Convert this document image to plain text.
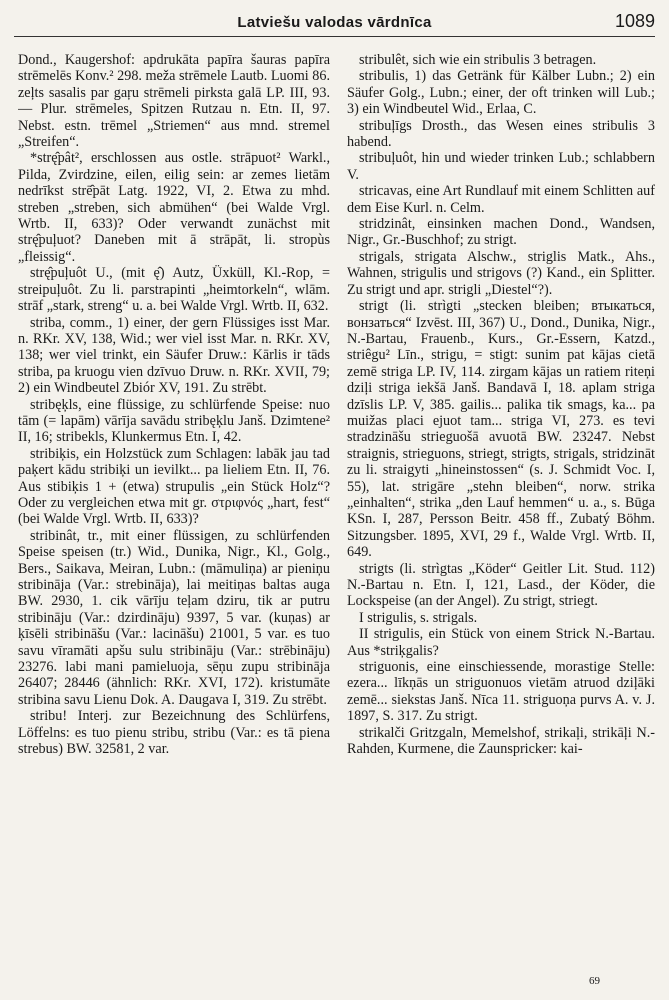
Latviešu valodas vārdnīca	1089

Dond., Kaugershof: apdrukāta papīra šauras papīra strēmelēs Konv.² 298. meža strēmele Lautb. Luomi 86. zeļts sasalis par gaŗu strēmeli pirksta galā LP. III, 93. — Plur. strēmeles, Spitzen Rutzau n. Etn. II, 97. Nebst. estn. trēmel „Striemen“ aus mnd. stremel „Streifen“.

*strę̂pât², erschlossen aus ostle. strāpuot² Warkl., Pilda, Zvirdzine, eilen, eilig sein: ar zemes lietām nedrīkst strē̂pāt Latg. 1922, VI, 2. Etwa zu mhd. streben „streben, sich abmühen“ (bei Walde Vrgl. Wrtb. II, 633)? Oder verwandt zunächst mit strę̂puļuot? Daneben mit ā strāpāt, li. stropùs „fleissig“.

strę̂puļuôt U., (mit ę̂) Autz, Üxküll, Kl.-Rop, = streipuļuôt. Zu li. parstrapinti „heimtorkeln“, wlām. strāf „stark, streng“ u. a. bei Walde Vrgl. Wrtb. II, 632.

striba, comm., 1) einer, der gern Flüssiges isst Mar. n. RKr. XV, 138, Wid.; wer viel isst Mar. n. RKr. XV, 138; wer viel trinkt, ein Säufer Druw.: Kārlis ir tāds striba, pa kruogu vien dzīvuo Druw. n. RKr. XVII, 79; 2) ein Windbeutel Zbiór XV, 191. Zu strēbt.

stribęķls, eine flüssige, zu schlürfende Speise: nuo tām (= lapām) vārīja savādu stribęķlu Janš. Dzimtene² II, 16; stribekls, Klunkermus Etn. I, 42.

stribiķis, ein Holzstück zum Schlagen: labāk jau tad paķert kādu stribiķi un ievilkt... pa lieliem Etn. II, 76. Aus stibiķis 1 + (etwa) strupulis „ein Stück Holz“? Oder zu vergleichen etwa mit gr. στριφνός „hart, fest“ (bei Walde Vrgl. Wrtb. II, 633)?

stribinât, tr., mit einer flüssigen, zu schlürfenden Speise speisen (tr.) Wid., Dunika, Nigr., Kl., Golg., Bers., Saikava, Meiran, Lubn.: (māmuliņa) ar pieniņu stribināja (Var.: strebināja), lai meitiņas baltas auga BW. 2930, 1. cik vārīju teļam dziru, tik ar putru stribināju (Var.: dzirdināju) 9397, 5 var. (kuņas) ar ķīsēli stribināšu (Var.: lacināšu) 21001, 5 var. es tuo savu vīramāti apšu sulu stribināju (Var.: strēbināju) 23276. labi mani pamieluoja, sēņu zupu stribināja 26407; 28446 (ähnlich: RKr. XVI, 172). kristumāte stribina savu Lienu Dok. A. Daugava I, 319. Zu strēbt.

stribu! Interj. zur Bezeichnung des Schlürfens, Löffelns: es tuo pienu stribu, stribu (Var.: es tā piena strebus) BW. 32581, 2 var.

stribulêt, sich wie ein stribulis 3 betragen.

stribulis, 1) das Getränk für Kälber Lubn.; 2) ein Säufer Golg., Lubn.; einer, der oft trinken will Lub.; 3) ein Windbeutel Wid., Erlaa, C.

stribuļīgs Drosth., das Wesen eines stribulis 3 habend.

stribuļuôt, hin und wieder trinken Lub.; schlabbern V.

stricavas, eine Art Rundlauf mit einem Schlitten auf dem Eise Kurl. n. Celm.

stridzinât, einsinken machen Dond., Wandsen, Nigr., Gr.-Buschhof; zu strigt.

strigals, strigata Alschw., striglis Matk., Ahs., Wahnen, strigulis und strigovs (?) Kand., ein Splitter. Zu strigt und apr. strigli „Diestel“?).

strigt (li. strìgti „stecken bleiben; втыкаться, вонзаться“ Izvēst. III, 367) U., Dond., Dunika, Nigr., N.-Bartau, Frauenb., Kurs., Gr.-Essern, Katzd., striêgu² Līn., strigu, = stigt: sunim pat kājas cietā zemē striga LP. IV, 114. zirgam kājas un ratiem riteņi dziļi striga iekšā Janš. Bandavā I, 18. aplam striga dzīslis LP. V, 385. gailis... palika tik smags, ka... pa muižas placi ejuot tam... striga VI, 273. es tevi stradzināšu strieguošā avuotā BW. 23247. Nebst straignis, strieguons, striegt, strigts, strigals, stridzināt zu li. straigyti „hineinstossen“ (s. J. Schmidt Voc. I, 55), lat. strigāre „stehn bleiben“, norw. strika „einhalten“, strika „den Lauf hemmen“ u. a., s. Būga KSn. I, 287, Persson Beitr. 458 ff., Zubatý Böhm. Sitzungsber. 1895, XVI, 29 f., Walde Vrgl. Wrtb. II, 649.

strigts (li. strìgtas „Köder“ Geitler Lit. Stud. 112) N.-Bartau n. Etn. I, 121, Lasd., der Köder, die Lockspeise (an der Angel). Zu strigt, striegt.

I strigulis, s. strigals.

II strigulis, ein Stück von einem Strick N.-Bartau. Aus *striķgalis?

striguonis, eine einschiessende, morastige Stelle: ezera... līkņās un striguonuos vietām atruod dziļāki zemē... siekstas Janš. Nīca 11. striguoņa purvs A. v. J. 1897, S. 317. Zu strigt.

strikalči Gritzgaln, Memelshof, strikaļi, strikāļi N.-Rahden, Kurmene, die Zaunspricker: kai-

69
